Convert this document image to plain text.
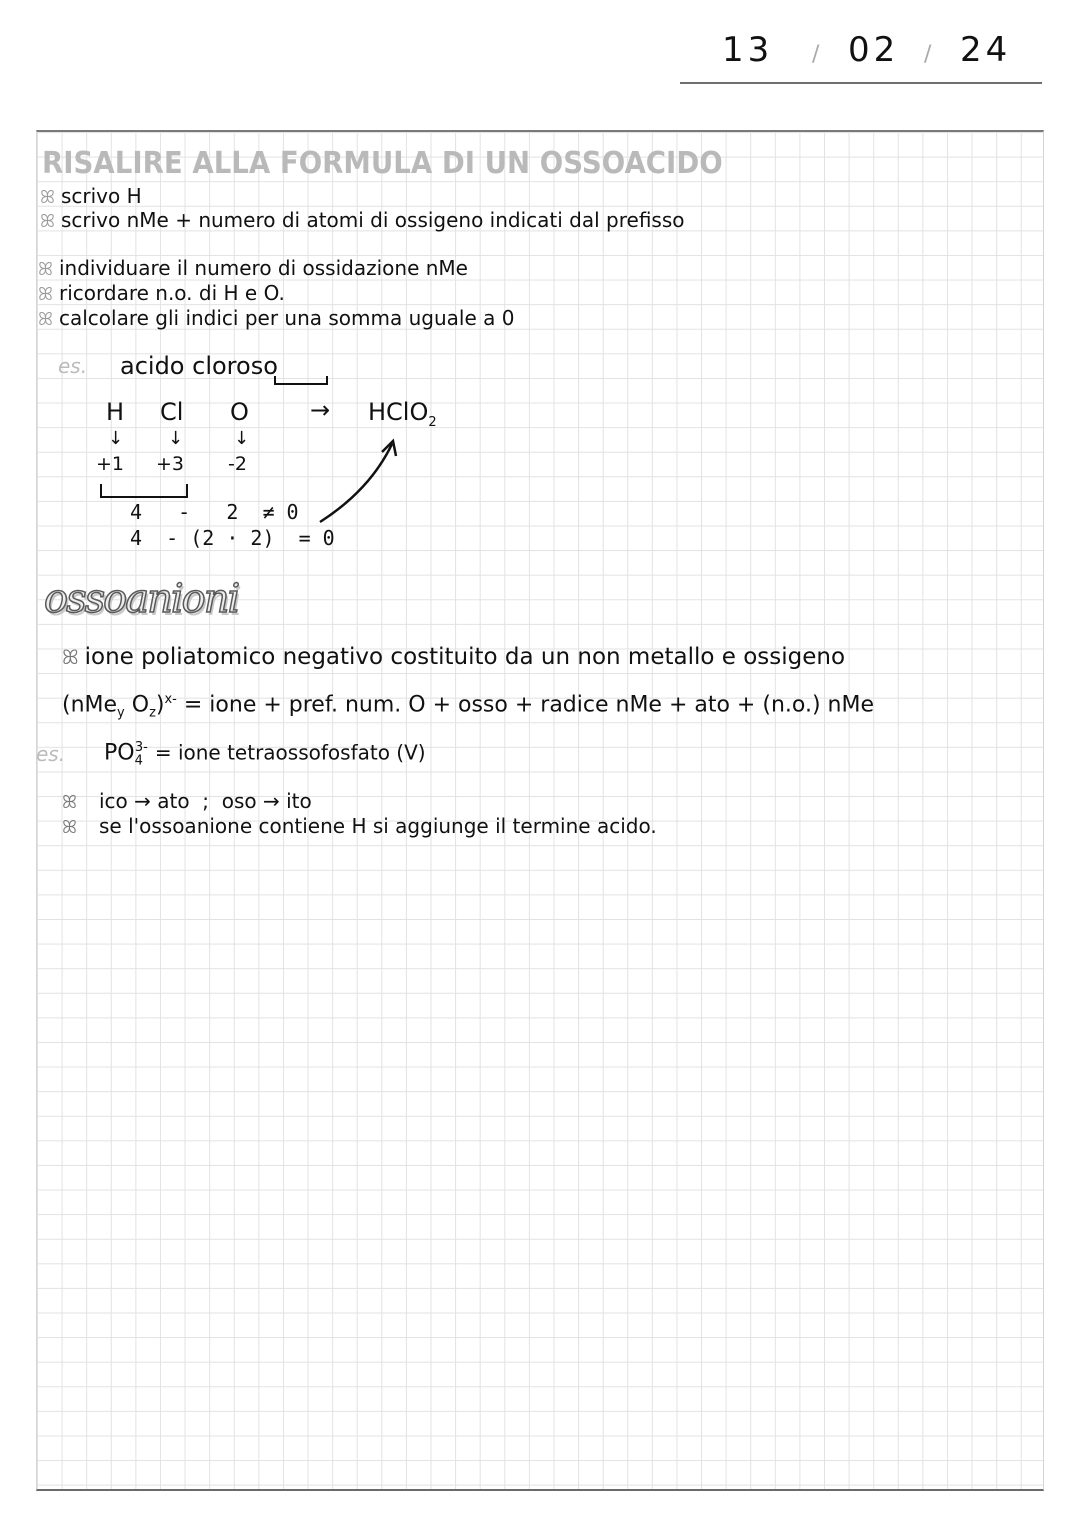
13 / 02 / 24
RISALIRE ALLA FORMULA DI UN OSSOACIDO
ꕤ scrivo H
ꕤ scrivo nMe + numero di atomi di ossigeno indicati dal prefisso
ꕤ individuare il numero di ossidazione nMe
ꕤ ricordare n.o. di H e O.
ꕤ calcolare gli indici per una somma uguale a 0
es. acido cloroso
H Cl O	→ HClO$_2$
↓ ↓	↓
+1 +3 -2
4   -   2  ≠ 0
4  - (2 · 2)  = 0
ossoanioni
ꕤ ione poliatomico negativo costituito da un non metallo e ossigeno
(nMe$_y$ $O_z)^{x-}$ = ione + pref. num. O + osso + radice nMe + ato + (n.o.) nMe
es. $PO_4^{3-}$ = ione tetraossofosfato (V)
ꕤ ico → ato  ;  oso → ito
ꕤ se l'ossoanione contiene H si aggiunge il termine acido.
